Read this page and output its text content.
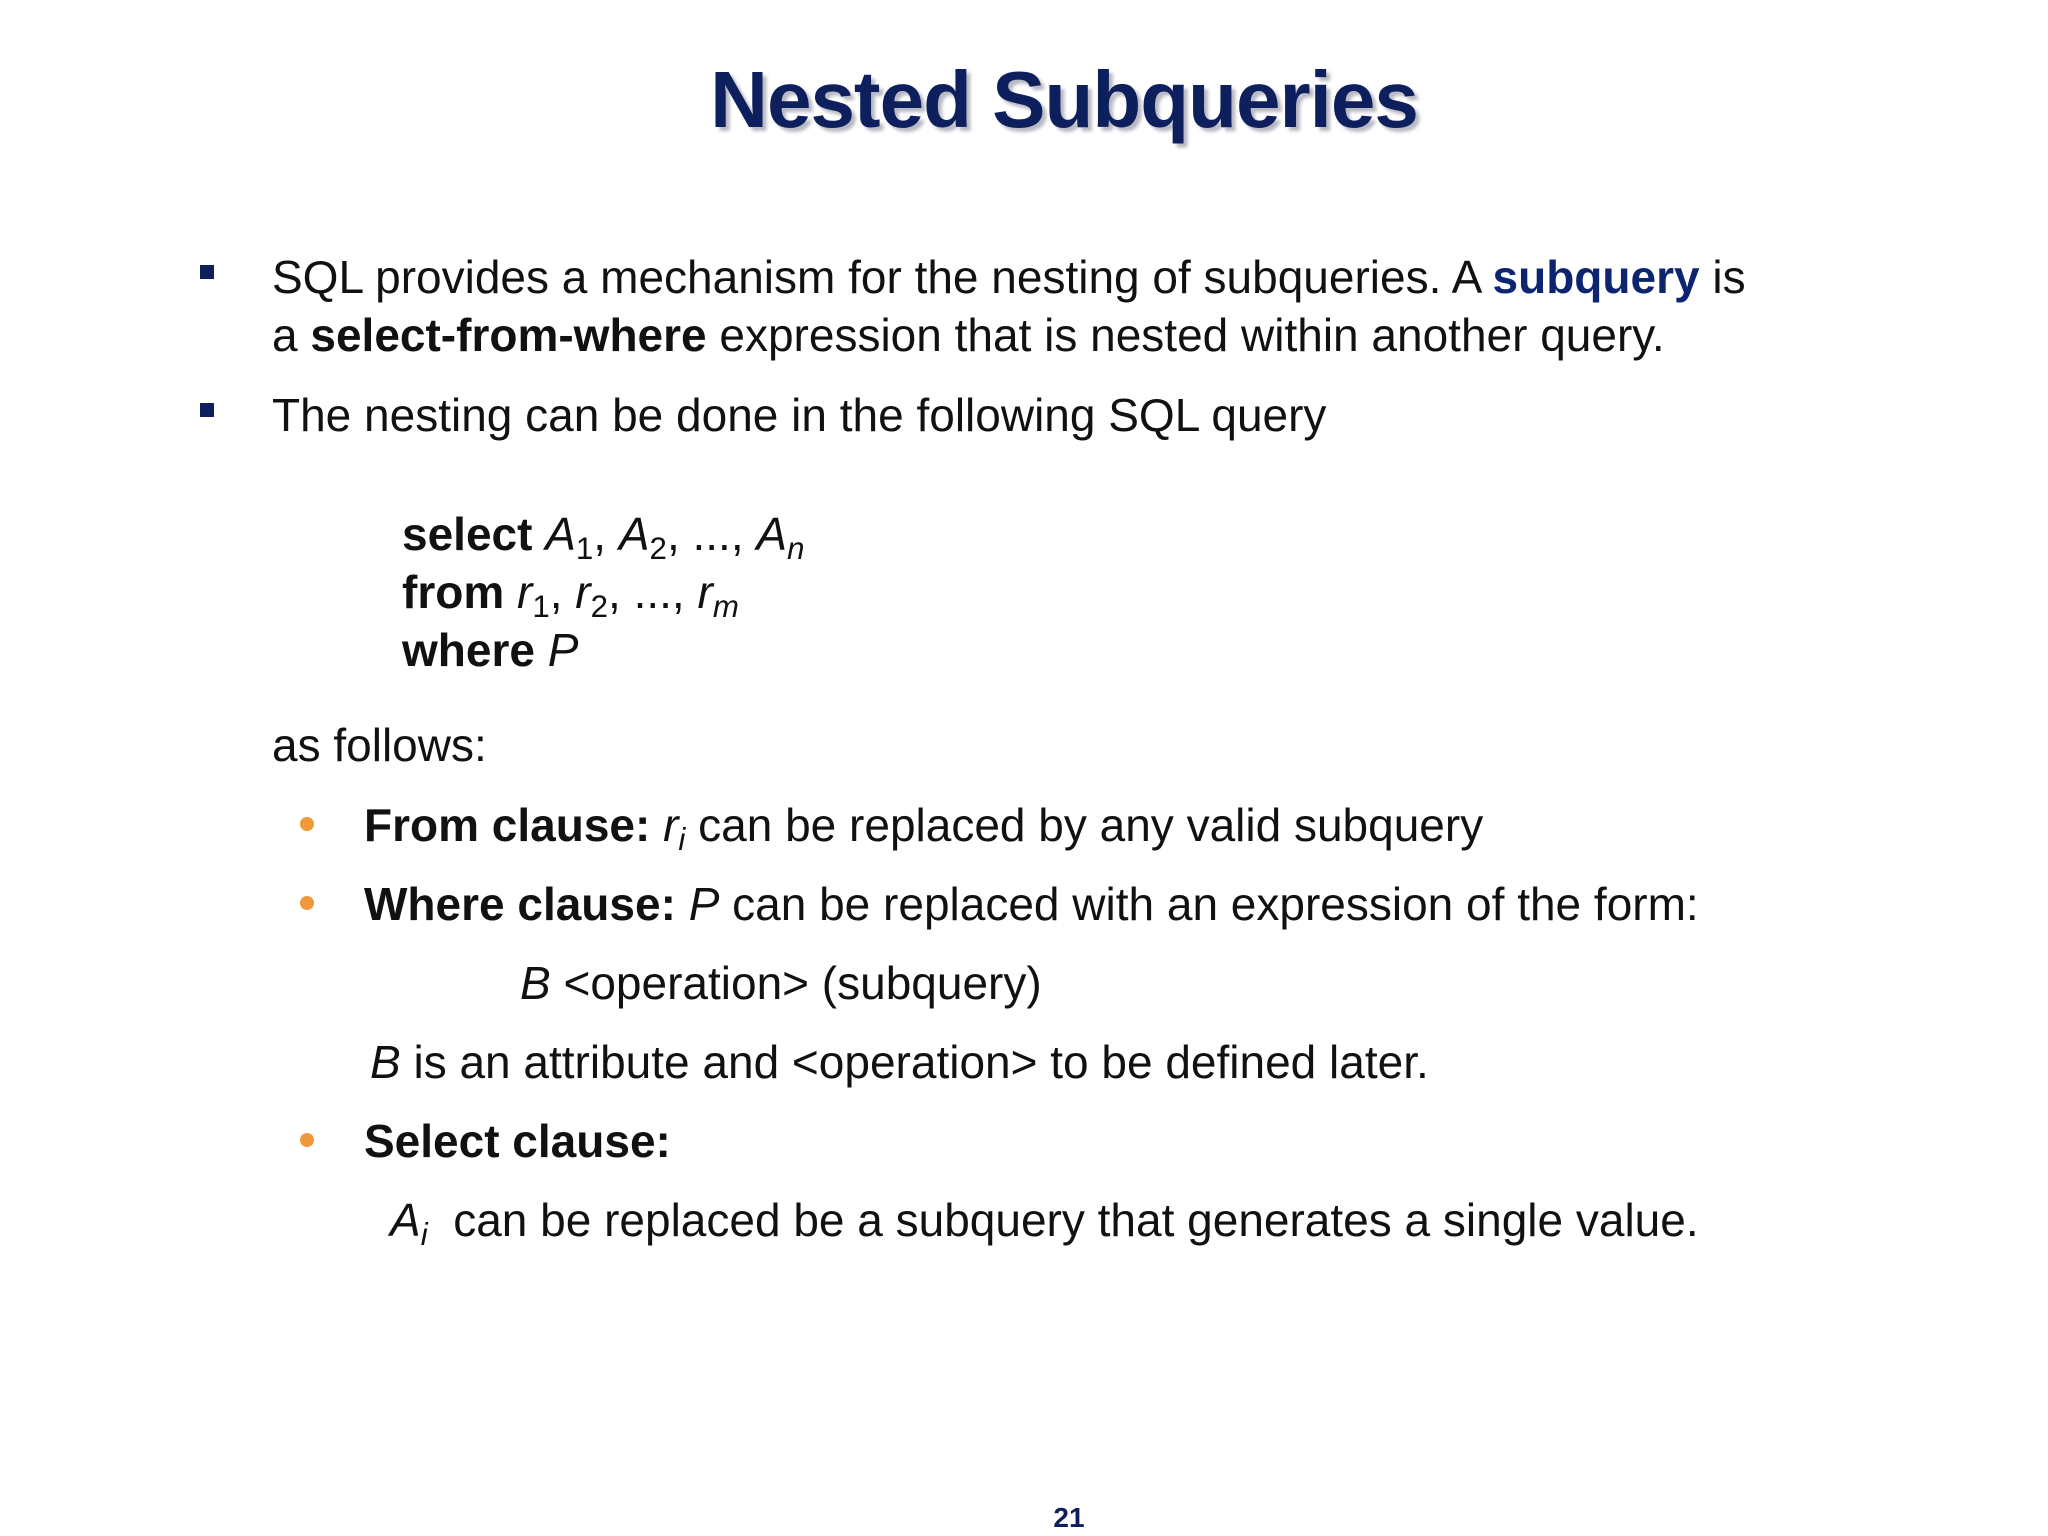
Nested Subqueries
SQL provides a mechanism for the nesting of subqueries. A subquery is
a select-from-where expression that is nested within another query.
The nesting can be done in the following SQL query
select $A_1$, $A_2$, ..., $A_n$
from $r_1$, $r_2$, ..., $r_m$
where P
as follows:
From clause: $r_i$ can be replaced by any valid subquery
Where clause: P can be replaced with an expression of the form:
B <operation> (subquery)
B is an attribute and <operation> to be defined later.
Select clause:
$A_i$  can be replaced be a subquery that generates a single value.
21
